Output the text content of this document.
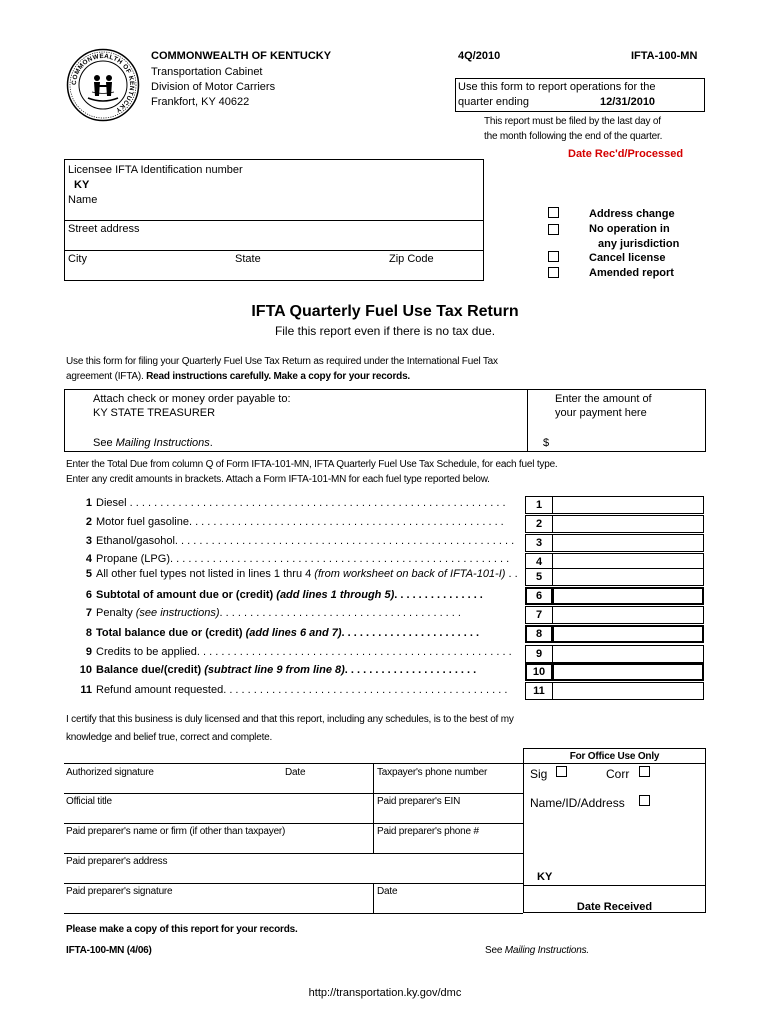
COMMONWEALTH OF KENTUCKY
COMMONWEALTH OF KENTUCKY
Transportation Cabinet
Division of Motor Carriers
Frankfort, KY 40622
4Q/2010	IFTA-100-MN
Use this form to report operations for the
quarter ending	12/31/2010
This report must be filed by the last day of
the month following the end of the quarter.
Date Rec'd/Processed
Licensee IFTA Identification number
KY
Name
Street address
City	State	Zip Code
Address change
No operation in
any jurisdiction
Cancel license
Amended report
IFTA Quarterly Fuel Use Tax Return
File this report even if there is no tax due.
Use this form for filing your Quarterly Fuel Use Tax Return as required under the International Fuel Tax
agreement (IFTA). Read instructions carefully. Make a copy for your records.
Attach check or money order payable to:
KY STATE TREASURER
See Mailing Instructions.
Enter the amount of
your payment here
$
Enter the Total Due from column Q of Form IFTA-101-MN, IFTA Quarterly Fuel Use Tax Schedule, for each fuel type.
Enter any credit amounts in brackets. Attach a Form IFTA-101-MN for each fuel type reported below.
1 Diesel . . . . . . . . . . . . . . . . . . . . . . . . . . . . . . . . . . . . . . . . . . . . . . . . . . . . . . . . . . . . . .	1
2 Motor fuel gasoline. . . . . . . . . . . . . . . . . . . . . . . . . . . . . . . . . . . . . . . . . . . . . . . . . . . .	2
3 Ethanol/gasohol. . . . . . . . . . . . . . . . . . . . . . . . . . . . . . . . . . . . . . . . . . . . . . . . . . . . . . . .	3
4 Propane (LPG). . . . . . . . . . . . . . . . . . . . . . . . . . . . . . . . . . . . . . . . . . . . . . . . . . . . . . . .	4
5 All other fuel types not listed in lines 1 thru 4 (from worksheet on back of IFTA-101-I) . .	5
6 Subtotal of amount due or (credit) (add lines 1 through 5). . . . . . . . . . . . . . .	6
7 Penalty (see instructions). . . . . . . . . . . . . . . . . . . . . . . . . . . . . . . . . . . . . . . .	7
8 Total balance due or (credit) (add lines 6 and 7). . . . . . . . . . . . . . . . . . . . . . .	8
9 Credits to be applied. . . . . . . . . . . . . . . . . . . . . . . . . . . . . . . . . . . . . . . . . . . . . . . . . . . .	9
10 Balance due/(credit) (subtract line 9 from line 8). . . . . . . . . . . . . . . . . . . . . .	10
11 Refund amount requested. . . . . . . . . . . . . . . . . . . . . . . . . . . . . . . . . . . . . . . . . . . . . . .	11
I certify that this business is duly licensed and that this report, including any schedules, is to the best of my
knowledge and belief true, correct and complete.
Authorized signature	Date	Taxpayer's phone number
Official title	Paid preparer's EIN
Paid preparer's name or firm (if other than taxpayer)	Paid preparer's phone #
Paid preparer's address
Paid preparer's signature	Date
For Office Use Only
Sig	Corr
Name/ID/Address
KY
Date Received
Please make a copy of this report for your records.
IFTA-100-MN (4/06)	See Mailing Instructions.
http://transportation.ky.gov/dmc
